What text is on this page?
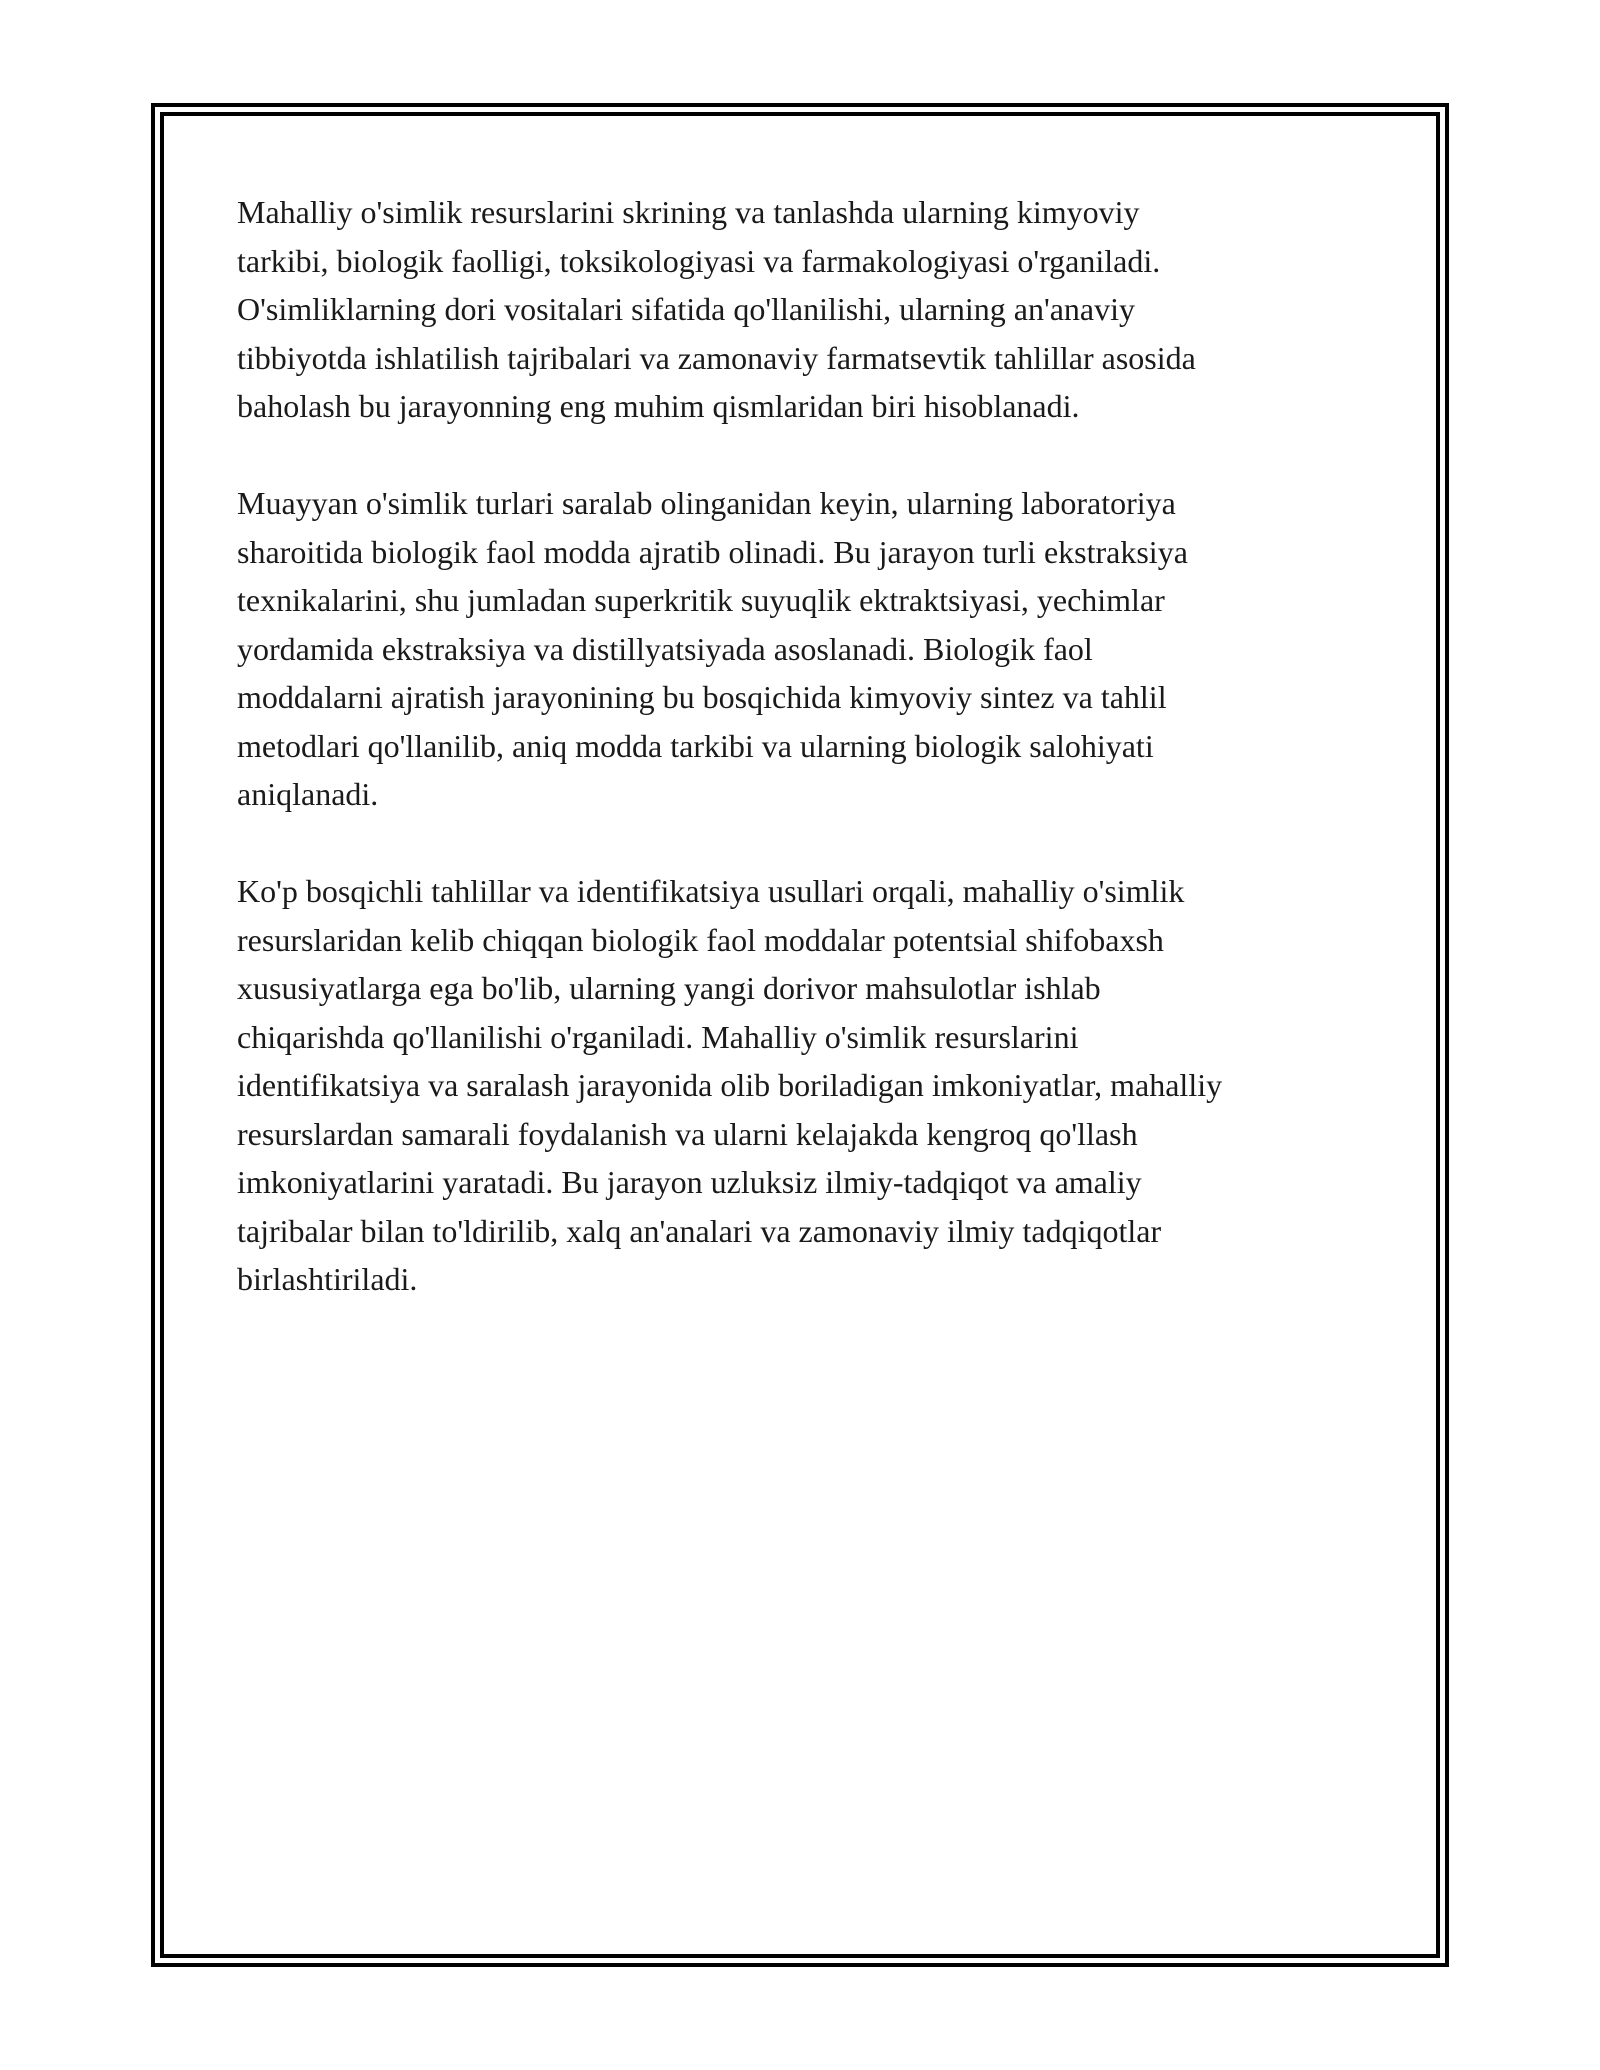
Mahalliy o'simlik resurslarini skrining va tanlashda ularning kimyoviy
tarkibi, biologik faolligi, toksikologiyasi va farmakologiyasi o'rganiladi.
O'simliklarning dori vositalari sifatida qo'llanilishi, ularning an'anaviy
tibbiyotda ishlatilish tajribalari va zamonaviy farmatsevtik tahlillar asosida
baholash bu jarayonning eng muhim qismlaridan biri hisoblanadi.

Muayyan o'simlik turlari saralab olinganidan keyin, ularning laboratoriya
sharoitida biologik faol modda ajratib olinadi. Bu jarayon turli ekstraksiya
texnikalarini, shu jumladan superkritik suyuqlik ektraktsiyasi, yechimlar
yordamida ekstraksiya va distillyatsiyada asoslanadi. Biologik faol
moddalarni ajratish jarayonining bu bosqichida kimyoviy sintez va tahlil
metodlari qo'llanilib, aniq modda tarkibi va ularning biologik salohiyati
aniqlanadi.

Ko'p bosqichli tahlillar va identifikatsiya usullari orqali, mahalliy o'simlik
resurslaridan kelib chiqqan biologik faol moddalar potentsial shifobaxsh
xususiyatlarga ega bo'lib, ularning yangi dorivor mahsulotlar ishlab
chiqarishda qo'llanilishi o'rganiladi. Mahalliy o'simlik resurslarini
identifikatsiya va saralash jarayonida olib boriladigan imkoniyatlar, mahalliy
resurslardan samarali foydalanish va ularni kelajakda kengroq qo'llash
imkoniyatlarini yaratadi. Bu jarayon uzluksiz ilmiy-tadqiqot va amaliy
tajribalar bilan to'ldirilib, xalq an'analari va zamonaviy ilmiy tadqiqotlar
birlashtiriladi.
